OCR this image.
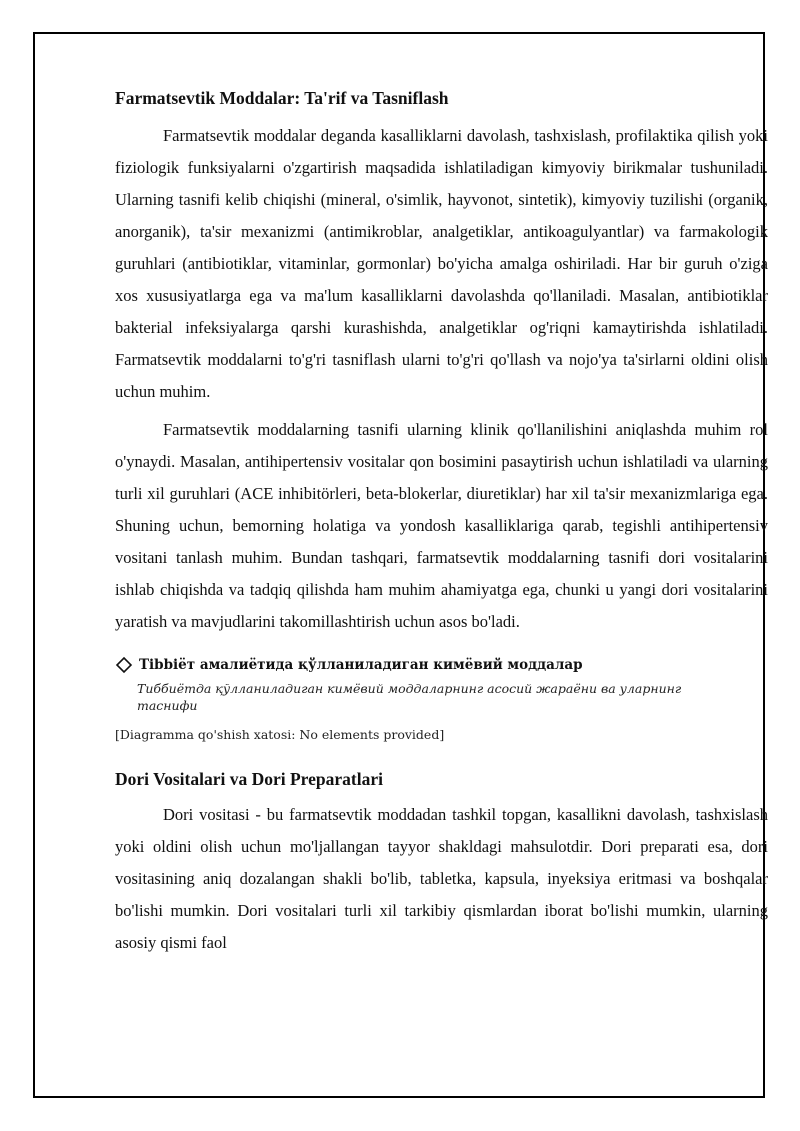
Farmatsevtik Moddalar: Ta'rif va Tasniflash

Farmatsevtik moddalar deganda kasalliklarni davolash, tashxislash, profilaktika qilish yoki fiziologik funksiyalarni o'zgartirish maqsadida ishlatiladigan kimyoviy birikmalar tushuniladi. Ularning tasnifi kelib chiqishi (mineral, o'simlik, hayvonot, sintetik), kimyoviy tuzilishi (organik, anorganik), ta'sir mexanizmi (antimikroblar, analgetiklar, antikoagulyantlar) va farmakologik guruhlari (antibiotiklar, vitaminlar, gormonlar) bo'yicha amalga oshiriladi. Har bir guruh o'ziga xos xususiyatlarga ega va ma'lum kasalliklarni davolashda qo'llaniladi. Masalan, antibiotiklar bakterial infeksiyalarga qarshi kurashishda, analgetiklar og'riqni kamaytirishda ishlatiladi. Farmatsevtik moddalarni to'g'ri tasniflash ularni to'g'ri qo'llash va nojo'ya ta'sirlarni oldini olish uchun muhim.

Farmatsevtik moddalarning tasnifi ularning klinik qo'llanilishini aniqlashda muhim rol o'ynaydi. Masalan, antihipertensiv vositalar qon bosimini pasaytirish uchun ishlatiladi va ularning turli xil guruhlari (ACE inhibitörleri, beta-blokerlar, diuretiklar) har xil ta'sir mexanizmlariga ega. Shuning uchun, bemorning holatiga va yondosh kasalliklariga qarab, tegishli antihipertensiv vositani tanlash muhim. Bundan tashqari, farmatsevtik moddalarning tasnifi dori vositalarini ishlab chiqishda va tadqiq qilishda ham muhim ahamiyatga ega, chunki u yangi dori vositalarini yaratish va mavjudlarini takomillashtirish uchun asos bo'ladi.

Tibbiёт амалиётида қўлланиладиган кимёвий моддалар
Тиббиётда қўлланиладиган кимёвий моддаларнинг асосий жараёни ва уларнинг таснифи
[Diagramma qo'shish xatosi: No elements provided]
Dori Vositalari va Dori Preparatlari

Dori vositasi - bu farmatsevtik moddadan tashkil topgan, kasallikni davolash, tashxislash yoki oldini olish uchun mo'ljallangan tayyor shakldagi mahsulotdir. Dori preparati esa, dori vositasining aniq dozalangan shakli bo'lib, tabletka, kapsula, inyeksiya eritmasi va boshqalar bo'lishi mumkin. Dori vositalari turli xil tarkibiy qismlardan iborat bo'lishi mumkin, ularning asosiy qismi faol
